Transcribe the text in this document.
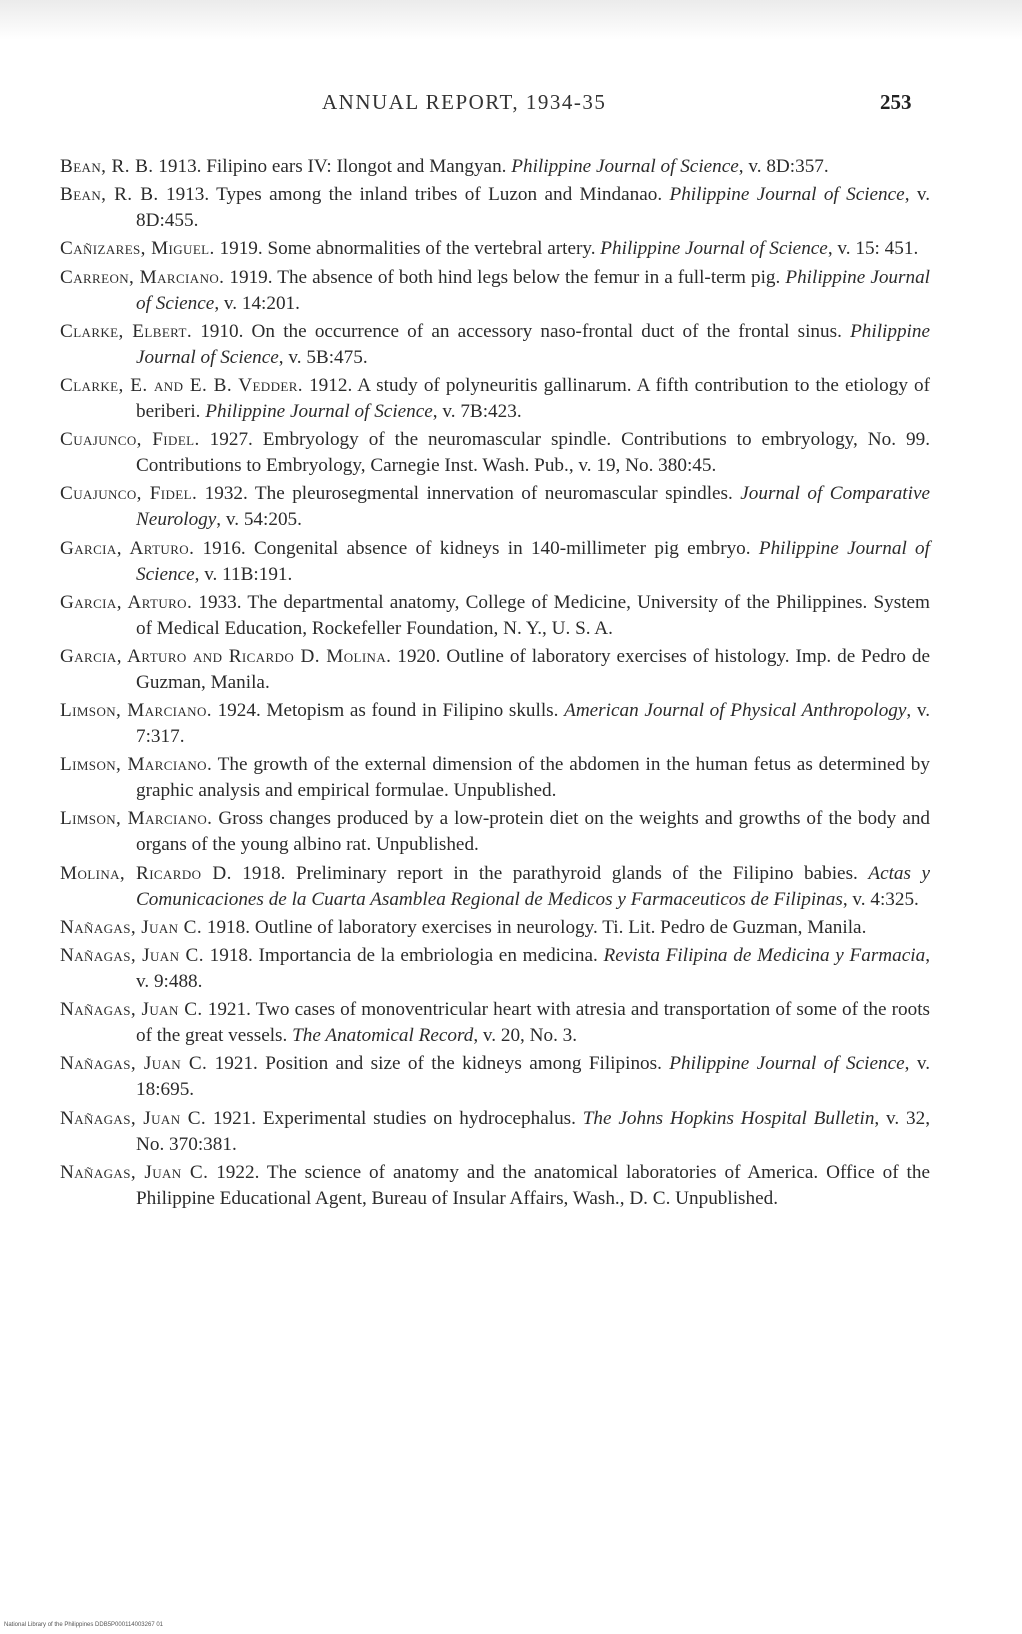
ANNUAL REPORT, 1934-35	253

Bean, R. B. 1913. Filipino ears IV: Ilongot and Mangyan. Philippine Journal of Science, v. 8D:357.

Bean, R. B. 1913. Types among the inland tribes of Luzon and Mindanao. Philippine Journal of Science, v. 8D:455.

Cañizares, Miguel. 1919. Some abnormalities of the vertebral artery. Philippine Journal of Science, v. 15: 451.

Carreon, Marciano. 1919. The absence of both hind legs below the femur in a full-term pig. Philippine Journal of Science, v. 14:201.

Clarke, Elbert. 1910. On the occurrence of an accessory naso-frontal duct of the frontal sinus. Philippine Journal of Science, v. 5B:475.

Clarke, E. and E. B. Vedder. 1912. A study of polyneuritis gallinarum. A fifth contribution to the etiology of beriberi. Philippine Journal of Science, v. 7B:423.

Cuajunco, Fidel. 1927. Embryology of the neuromascular spindle. Contributions to embryology, No. 99. Contributions to Embryology, Carnegie Inst. Wash. Pub., v. 19, No. 380:45.

Cuajunco, Fidel. 1932. The pleurosegmental innervation of neuromascular spindles. Journal of Comparative Neurology, v. 54:205.

Garcia, Arturo. 1916. Congenital absence of kidneys in 140-millimeter pig embryo. Philippine Journal of Science, v. 11B:191.

Garcia, Arturo. 1933. The departmental anatomy, College of Medicine, University of the Philippines. System of Medical Education, Rockefeller Foundation, N. Y., U. S. A.

Garcia, Arturo and Ricardo D. Molina. 1920. Outline of laboratory exercises of histology. Imp. de Pedro de Guzman, Manila.

Limson, Marciano. 1924. Metopism as found in Filipino skulls. American Journal of Physical Anthropology, v. 7:317.

Limson, Marciano. The growth of the external dimension of the abdomen in the human fetus as determined by graphic analysis and empirical formulae. Unpublished.

Limson, Marciano. Gross changes produced by a low-protein diet on the weights and growths of the body and organs of the young albino rat. Unpublished.

Molina, Ricardo D. 1918. Preliminary report in the parathyroid glands of the Filipino babies. Actas y Comunicaciones de la Cuarta Asamblea Regional de Medicos y Farmaceuticos de Filipinas, v. 4:325.

Nañagas, Juan C. 1918. Outline of laboratory exercises in neurology. Ti. Lit. Pedro de Guzman, Manila.

Nañagas, Juan C. 1918. Importancia de la embriologia en medicina. Revista Filipina de Medicina y Farmacia, v. 9:488.

Nañagas, Juan C. 1921. Two cases of monoventricular heart with atresia and transportation of some of the roots of the great vessels. The Anatomical Record, v. 20, No. 3.

Nañagas, Juan C. 1921. Position and size of the kidneys among Filipinos. Philippine Journal of Science, v. 18:695.

Nañagas, Juan C. 1921. Experimental studies on hydrocephalus. The Johns Hopkins Hospital Bulletin, v. 32, No. 370:381.

Nañagas, Juan C. 1922. The science of anatomy and the anatomical laboratories of America. Office of the Philippine Educational Agent, Bureau of Insular Affairs, Wash., D. C. Unpublished.

National Library of the Philippines DDB5P000114003267 01
